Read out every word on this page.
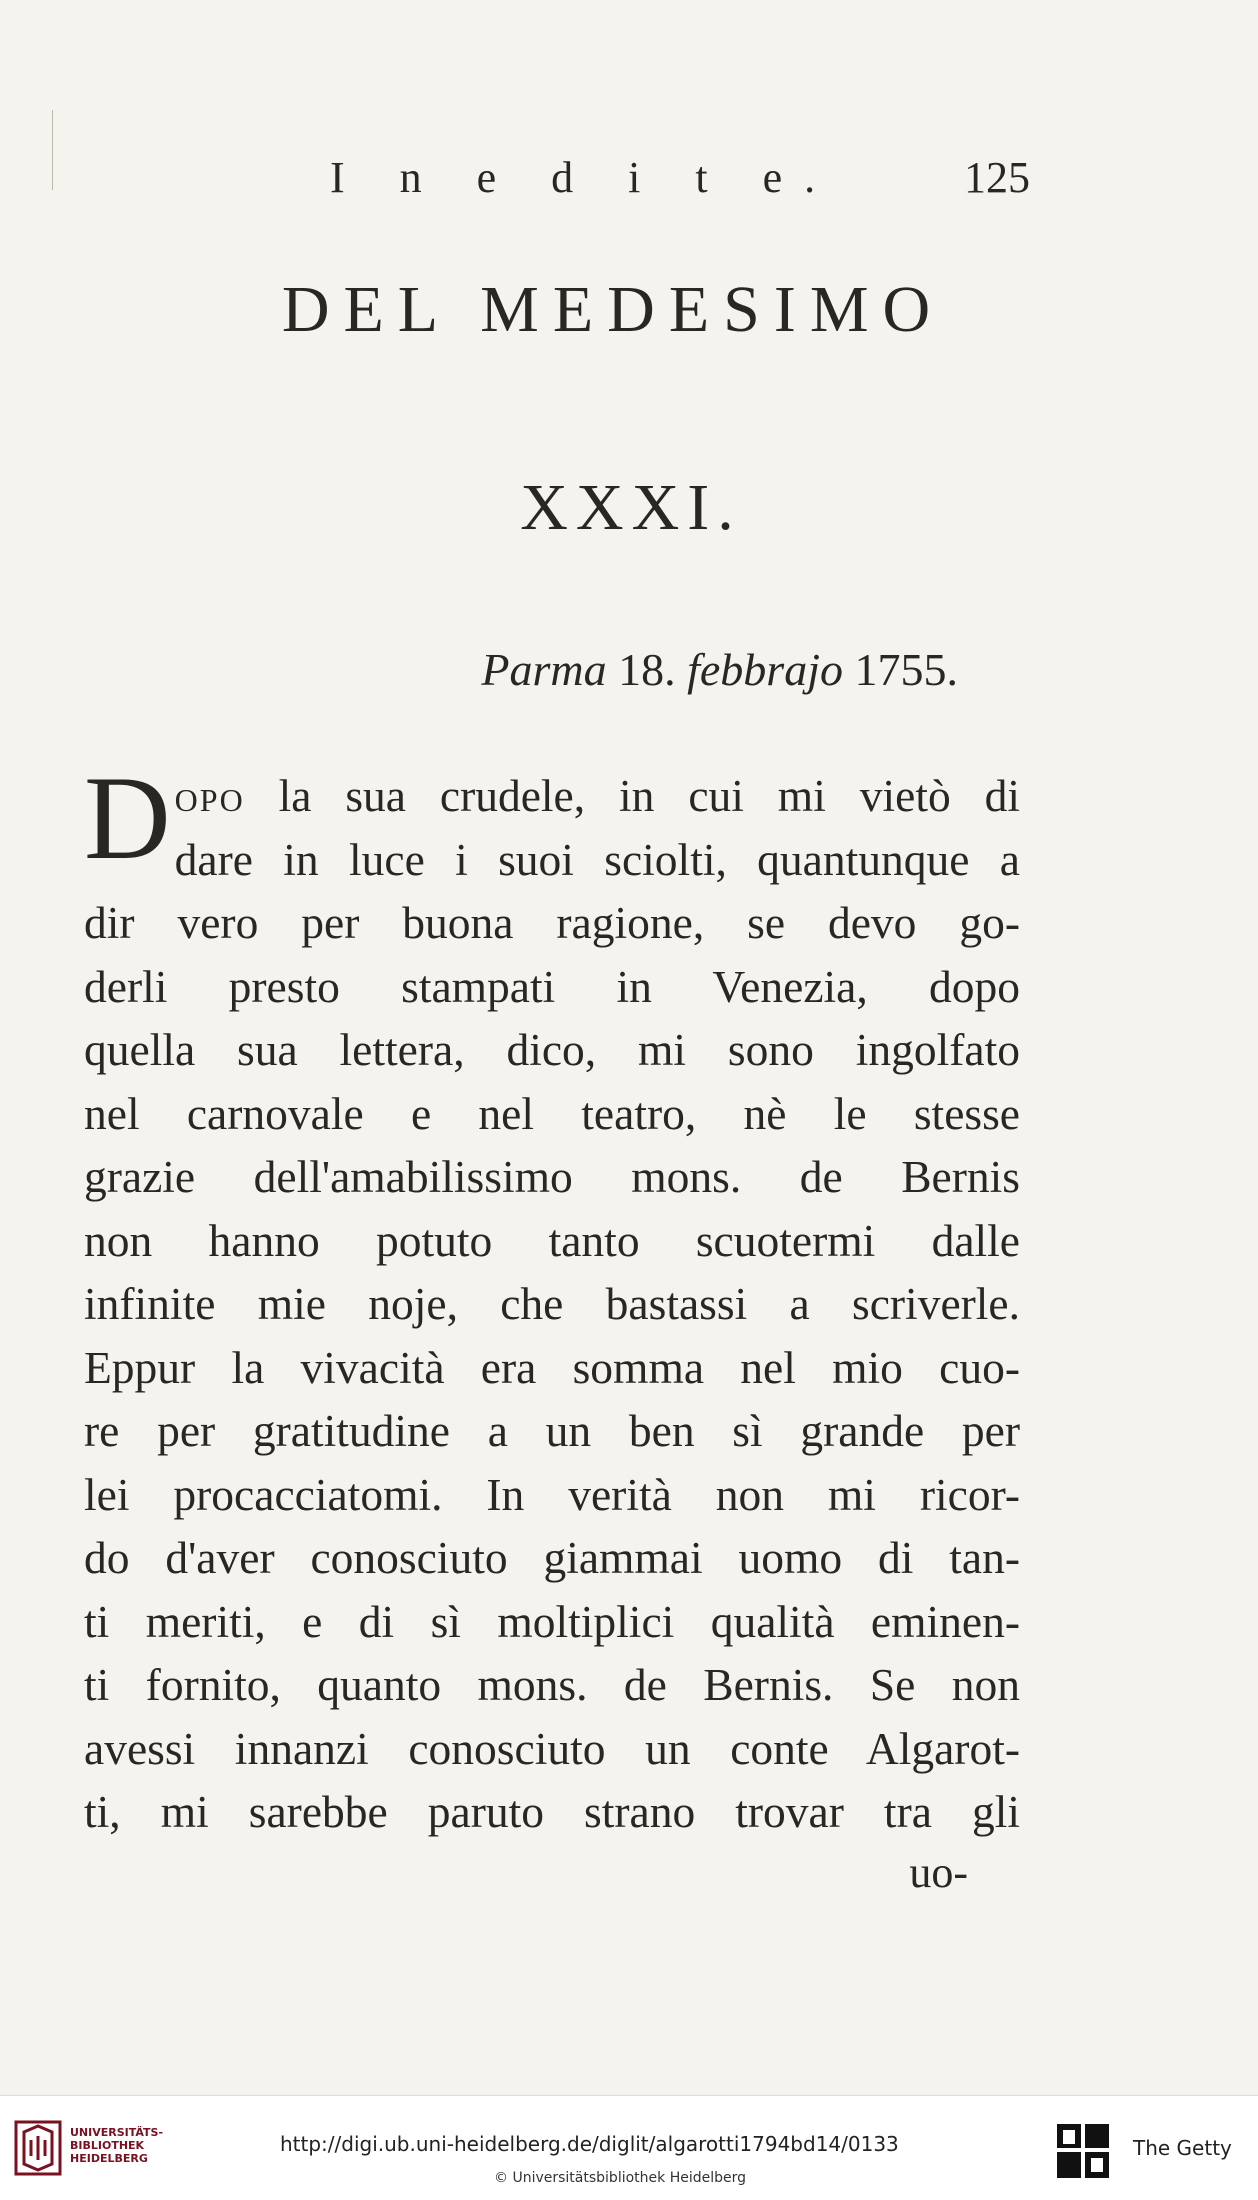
I n e d i t e.	125
DEL MEDESIMO
XXXI.
Parma 18. febbrajo 1755.
Dopo la sua crudele, in cui mi vietò di
dare in luce i suoi sciolti, quantunque a
dir vero per buona ragione, se devo go-
derli presto stampati in Venezia, dopo
quella sua lettera, dico, mi sono ingolfato
nel carnovale e nel teatro, nè le stesse
grazie dell'amabilissimo mons. de Bernis
non hanno potuto tanto scuotermi dalle
infinite mie noje, che bastassi a scriverle.
Eppur la vivacità era somma nel mio cuo-
re per gratitudine a un ben sì grande per
lei procacciatomi. In verità non mi ricor-
do d'aver conosciuto giammai uomo di tan-
ti meriti, e di sì moltiplici qualità eminen-
ti fornito, quanto mons. de Bernis. Se non
avessi innanzi conosciuto un conte Algarot-
ti, mi sarebbe paruto strano trovar tra gli
uo-
UNIVERSITÄTS-
BIBLIOTHEK
HEIDELBERG
http://digi.ub.uni-heidelberg.de/diglit/algarotti1794bd14/0133
© Universitätsbibliothek Heidelberg
The Getty
